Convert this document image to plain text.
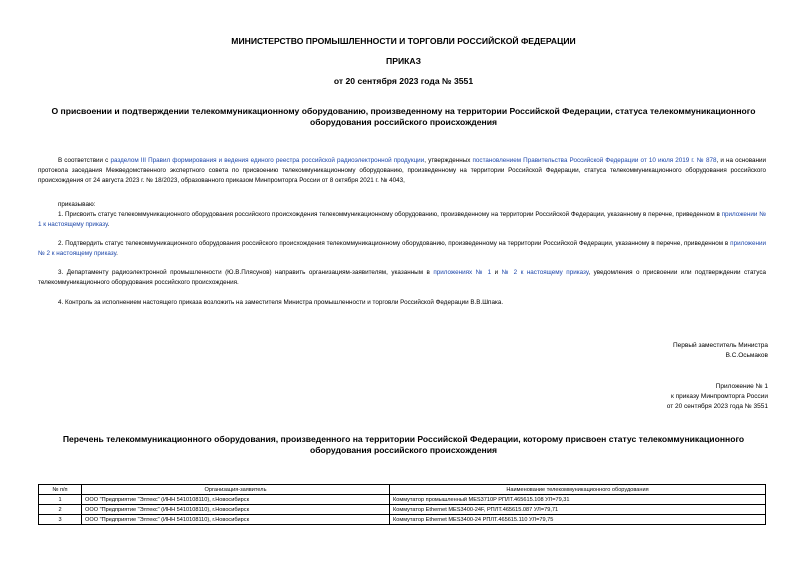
МИНИСТЕРСТВО ПРОМЫШЛЕННОСТИ И ТОРГОВЛИ РОССИЙСКОЙ ФЕДЕРАЦИИ
ПРИКАЗ
от 20 сентября 2023 года № 3551
О присвоении и подтверждении телекоммуникационному оборудованию, произведенному на территории Российской Федерации, статуса телекоммуникационного оборудования российского происхождения
В соответствии с разделом III Правил формирования и ведения единого реестра российской радиоэлектронной продукции, утвержденных постановлением Правительства Российской Федерации от 10 июля 2019 г. № 878, и на основании протокола заседания Межведомственного экспертного совета по присвоению телекоммуникационному оборудованию, произведенному на территории Российской Федерации, статуса телекоммуникационного оборудования российского происхождения от 24 августа 2023 г. № 18/2023, образованного приказом Минпромторга России от 8 октября 2021 г. № 4043,
приказываю:
1. Присвоить статус телекоммуникационного оборудования российского происхождения телекоммуникационному оборудованию, произведенному на территории Российской Федерации, указанному в перечне, приведенном в приложении № 1 к настоящему приказу.
2. Подтвердить статус телекоммуникационного оборудования российского происхождения телекоммуникационному оборудованию, произведенному на территории Российской Федерации, указанному в перечне, приведенном в приложении № 2 к настоящему приказу.
3. Департаменту радиоэлектронной промышленности (Ю.В.Плясунов) направить организациям-заявителям, указанным в приложениях № 1 и № 2 к настоящему приказу, уведомления о присвоении или подтверждении статуса телекоммуникационного оборудования российского происхождения.
4. Контроль за исполнением настоящего приказа возложить на заместителя Министра промышленности и торговли Российской Федерации В.В.Шпака.
Первый заместитель Министра
В.С.Осьмаков
Приложение № 1
к приказу Минпромторга России
от 20 сентября 2023 года № 3551
Перечень телекоммуникационного оборудования, произведенного на территории Российской Федерации, которому присвоен статус телекоммуникационного оборудования российского происхождения
№ п/п	Организация-заявитель	Наименование телекоммуникационного оборудования
1	ООО "Предприятие "Элтекс" (ИНН 5410108110), г.Новосибирск	Коммутатор промышленный MES3710P РПЛТ.465615.108 УЛ=79,31
2	ООО "Предприятие "Элтекс" (ИНН 5410108110), г.Новосибирск	Коммутатор Ethernet MES3400-24F, РПЛТ.465615.087 УЛ=79,71
3	ООО "Предприятие "Элтекс" (ИНН 5410108110), г.Новосибирск	Коммутатор Ethernet MES3400-24 РПЛТ.465615.110 УЛ=79,75
